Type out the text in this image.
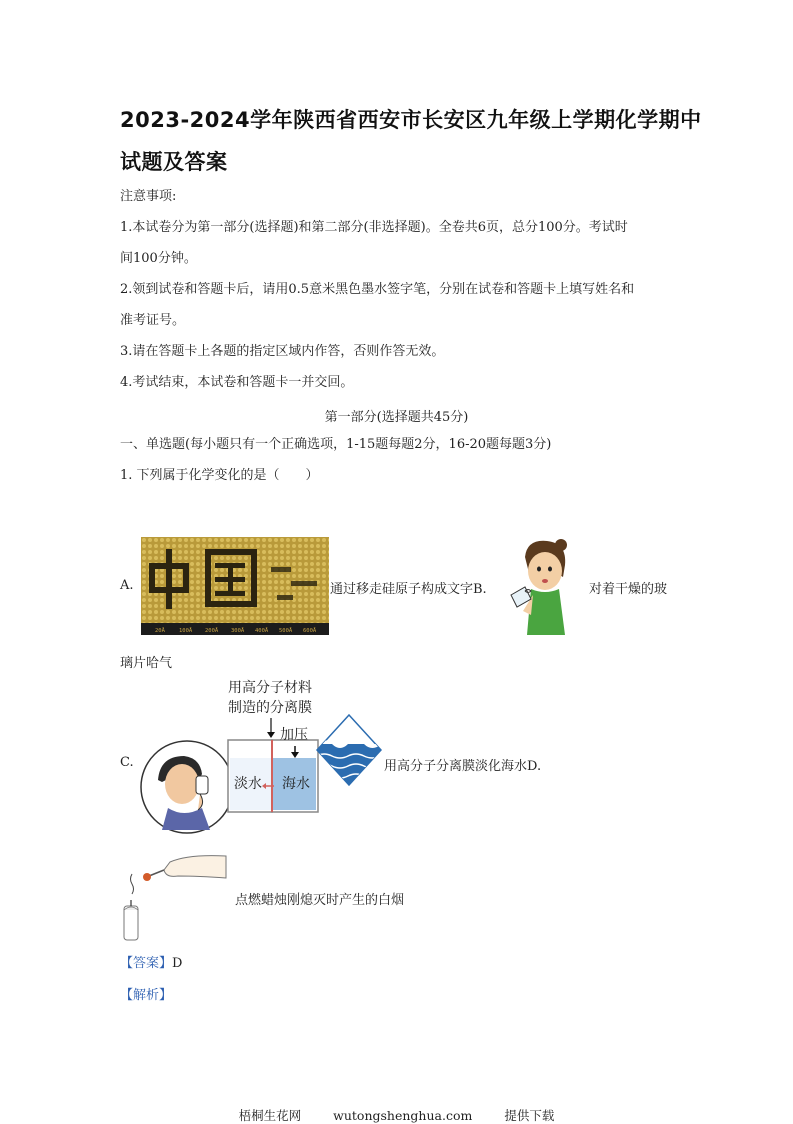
2023-2024学年陕西省西安市长安区九年级上学期化学期中
试题及答案
注意事项:
1.本试卷分为第一部分(选择题)和第二部分(非选择题)。全卷共6页，总分100分。考试时
间100分钟。
2.领到试卷和答题卡后，请用0.5意米黑色墨水签字笔，分别在试卷和答题卡上填写姓名和
准考证号。
3.请在答题卡上各题的指定区域内作答，否则作答无效。
4.考试结束，本试卷和答题卡一并交回。
第一部分(选择题共45分)
一、单选题(每小题只有一个正确选项，1-15题每题2分，16-20题每题3分)
1. 下列属于化学变化的是（　　）
A.
20Å	100Å 200Å 300Å 400Å 500Å 600Å
通过移走硅原子构成文字B.	对着干燥的玻
璃片哈气
C.
用高分子材料
制造的分离膜
加压
淡水 海水
用高分子分离膜淡化海水D.
点燃蜡烛刚熄灭时产生的白烟
【答案】D
【解析】
梧桐生花网	wutongshenghua.com	提供下载
